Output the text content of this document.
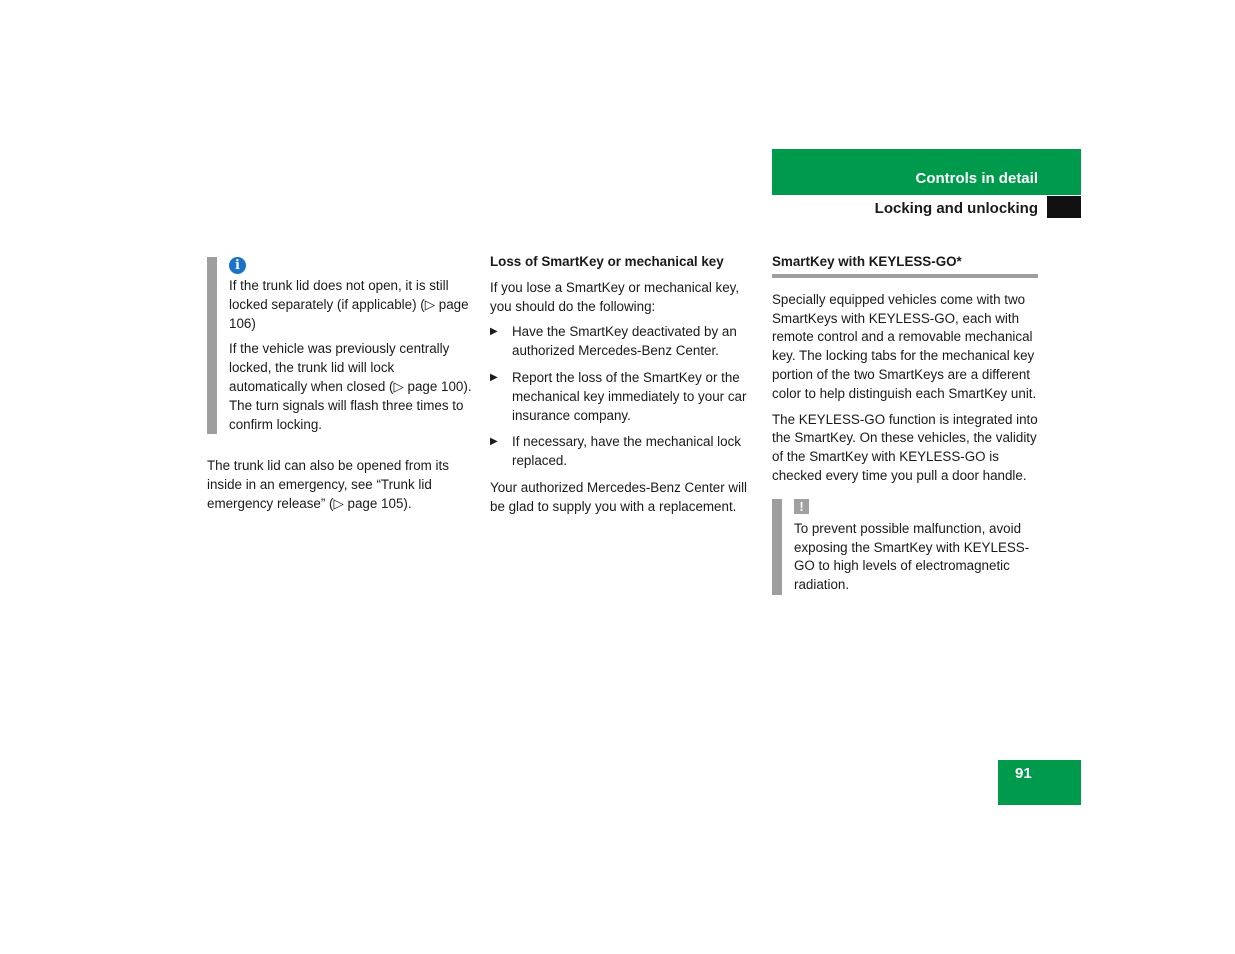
Controls in detail
Locking and unlocking
i

If the trunk lid does not open, it is still locked separately (if applicable) (▷ page 106)

If the vehicle was previously centrally locked, the trunk lid will lock automatically when closed (▷ page 100). The turn signals will flash three times to confirm locking.

The trunk lid can also be opened from its inside in an emergency, see “Trunk lid emergency release” (▷ page 105).

Loss of SmartKey or mechanical key

If you lose a SmartKey or mechanical key, you should do the following:

▶ Have the SmartKey deactivated by an authorized Mercedes-Benz Center.
▶ Report the loss of the SmartKey or the mechanical key immediately to your car insurance company.
▶ If necessary, have the mechanical lock replaced.

Your authorized Mercedes-Benz Center will be glad to supply you with a replacement.

SmartKey with KEYLESS-GO*

Specially equipped vehicles come with two SmartKeys with KEYLESS-GO, each with remote control and a removable mechanical key. The locking tabs for the mechanical key portion of the two SmartKeys are a different color to help distinguish each SmartKey unit.

The KEYLESS-GO function is integrated into the SmartKey. On these vehicles, the validity of the SmartKey with KEYLESS-GO is checked every time you pull a door handle.

!

To prevent possible malfunction, avoid exposing the SmartKey with KEYLESS-GO to high levels of electromagnetic radiation.

91
